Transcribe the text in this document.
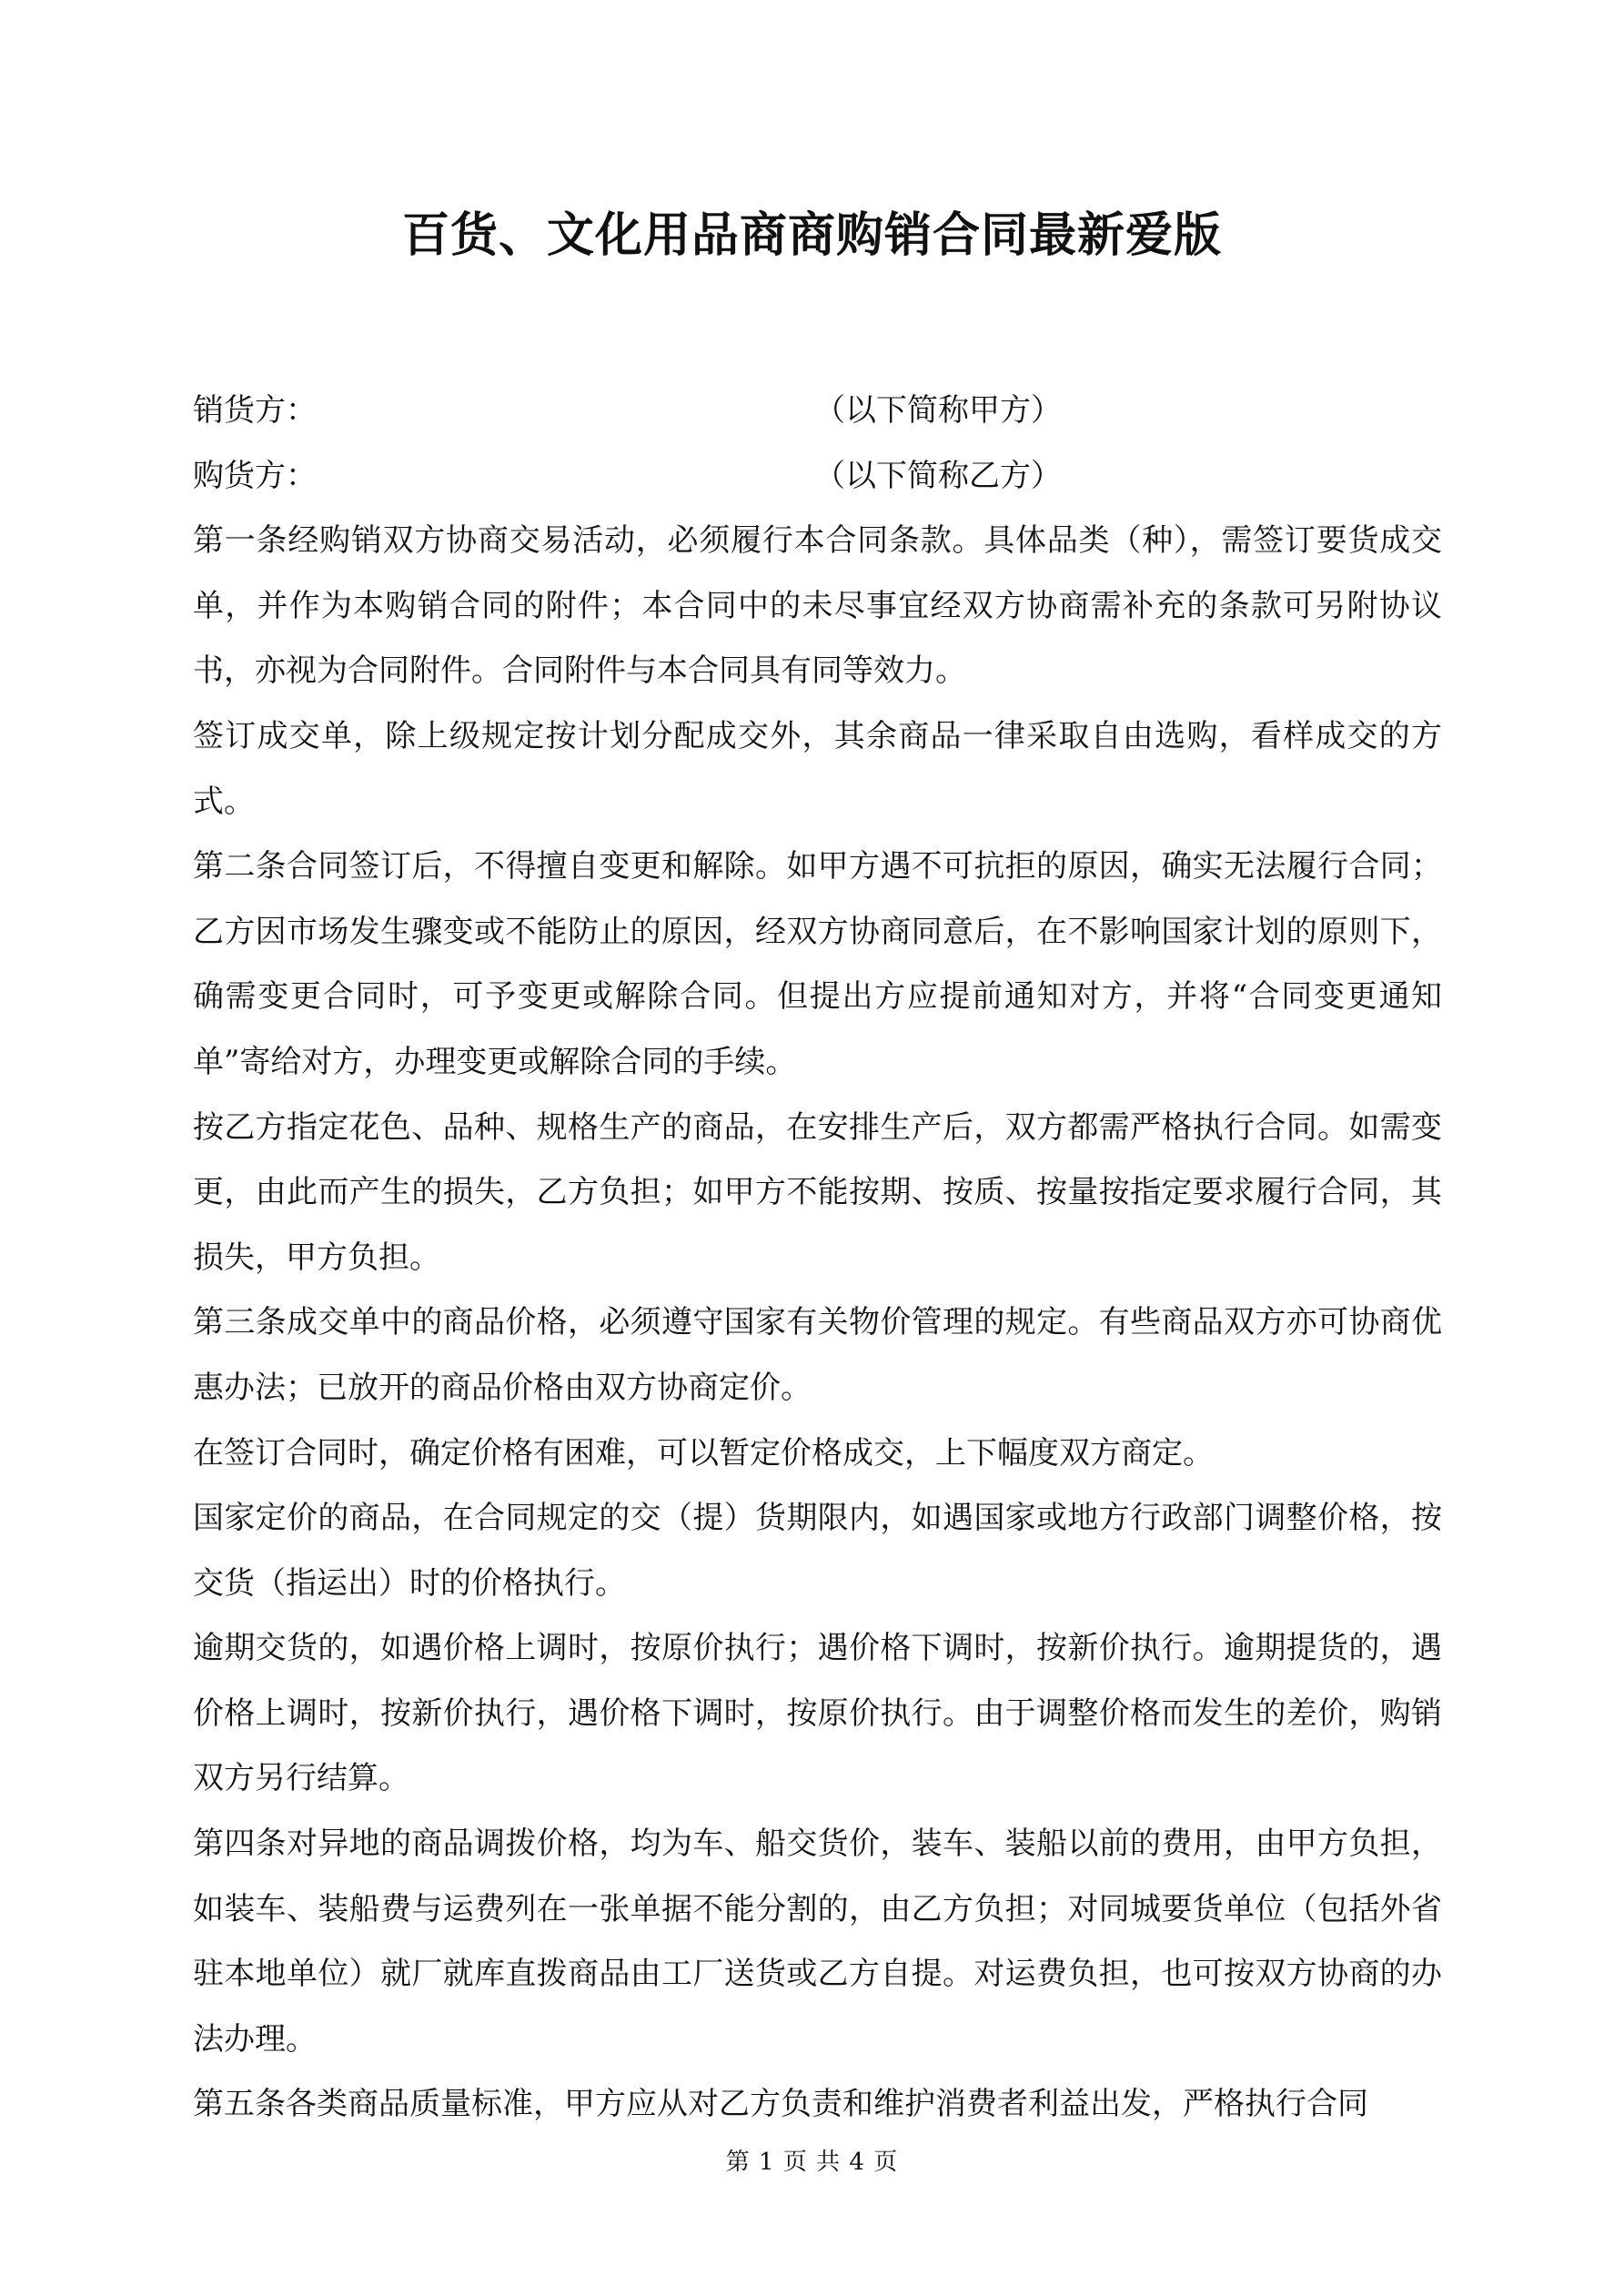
百货、文化用品商商购销合同最新爱版
销货方：	（以下简称甲方）
购货方：	（以下简称乙方）

第一条经购销双方协商交易活动，必须履行本合同条款。具体品类（种），需签订要货成交单，并作为本购销合同的附件；本合同中的未尽事宜经双方协商需补充的条款可另附协议书，亦视为合同附件。合同附件与本合同具有同等效力。

签订成交单，除上级规定按计划分配成交外，其余商品一律采取自由选购，看样成交的方式。

第二条合同签订后，不得擅自变更和解除。如甲方遇不可抗拒的原因，确实无法履行合同；乙方因市场发生骤变或不能防止的原因，经双方协商同意后，在不影响国家计划的原则下，确需变更合同时，可予变更或解除合同。但提出方应提前通知对方，并将“合同变更通知单”寄给对方，办理变更或解除合同的手续。

按乙方指定花色、品种、规格生产的商品，在安排生产后，双方都需严格执行合同。如需变更，由此而产生的损失，乙方负担；如甲方不能按期、按质、按量按指定要求履行合同，其损失，甲方负担。

第三条成交单中的商品价格，必须遵守国家有关物价管理的规定。有些商品双方亦可协商优惠办法；已放开的商品价格由双方协商定价。

在签订合同时，确定价格有困难，可以暂定价格成交，上下幅度双方商定。

国家定价的商品，在合同规定的交（提）货期限内，如遇国家或地方行政部门调整价格，按交货（指运出）时的价格执行。

逾期交货的，如遇价格上调时，按原价执行；遇价格下调时，按新价执行。逾期提货的，遇价格上调时，按新价执行，遇价格下调时，按原价执行。由于调整价格而发生的差价，购销双方另行结算。

第四条对异地的商品调拨价格，均为车、船交货价，装车、装船以前的费用，由甲方负担，如装车、装船费与运费列在一张单据不能分割的，由乙方负担；对同城要货单位（包括外省驻本地单位）就厂就库直拨商品由工厂送货或乙方自提。对运费负担，也可按双方协商的办法办理。

第五条各类商品质量标准，甲方应从对乙方负责和维护消费者利益出发，严格执行合同

第 1 页 共 4 页
